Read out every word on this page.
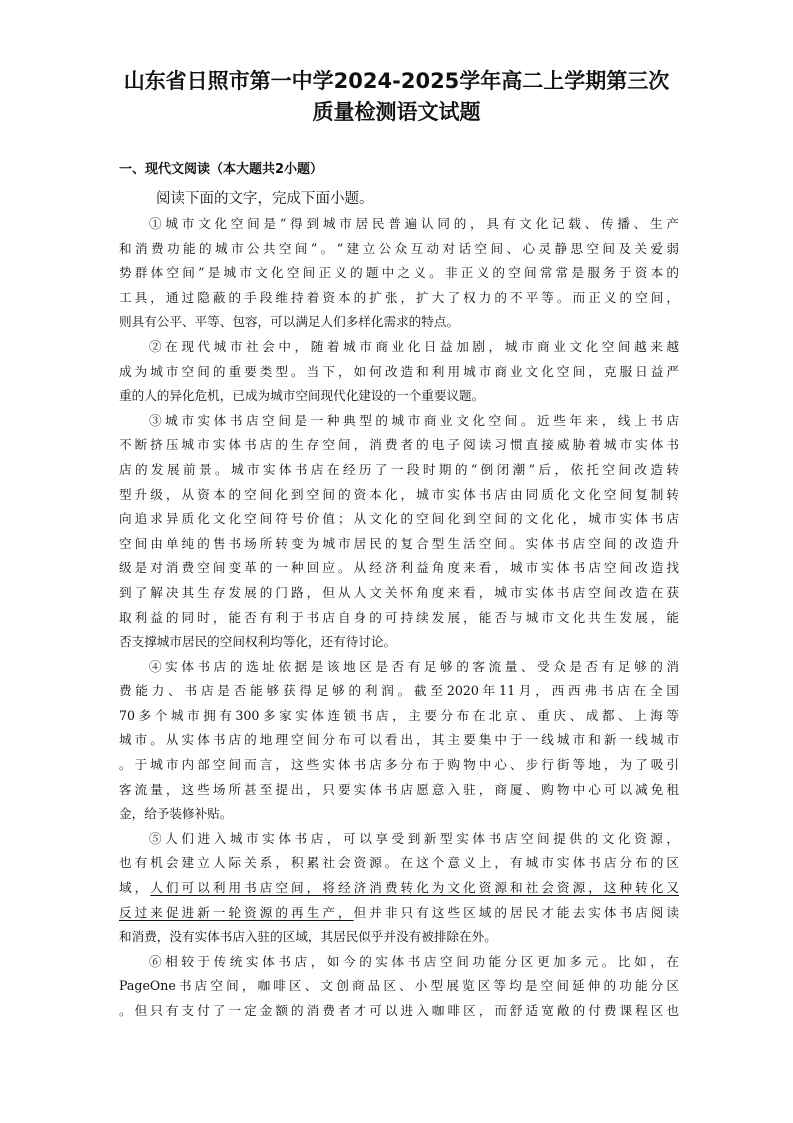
山东省日照市第一中学2024-2025学年高二上学期第三次
质量检测语文试题
一、现代文阅读（本大题共2小题）
阅读下面的文字，完成下面小题。
①城市文化空间是“得到城市居民普遍认同的，具有文化记载、传播、生产
和消费功能的城市公共空间”。“建立公众互动对话空间、心灵静思空间及关爱弱
势群体空间”是城市文化空间正义的题中之义。非正义的空间常常是服务于资本的
工具，通过隐蔽的手段维持着资本的扩张，扩大了权力的不平等。而正义的空间，
则具有公平、平等、包容，可以满足人们多样化需求的特点。
②在现代城市社会中，随着城市商业化日益加剧，城市商业文化空间越来越
成为城市空间的重要类型。当下，如何改造和利用城市商业文化空间，克服日益严
重的人的异化危机，已成为城市空间现代化建设的一个重要议题。
③城市实体书店空间是一种典型的城市商业文化空间。近些年来，线上书店
不断挤压城市实体书店的生存空间，消费者的电子阅读习惯直接威胁着城市实体书
店的发展前景。城市实体书店在经历了一段时期的“倒闭潮”后，依托空间改造转
型升级，从资本的空间化到空间的资本化，城市实体书店由同质化文化空间复制转
向追求异质化文化空间符号价值；从文化的空间化到空间的文化化，城市实体书店
空间由单纯的售书场所转变为城市居民的复合型生活空间。实体书店空间的改造升
级是对消费空间变革的一种回应。从经济利益角度来看，城市实体书店空间改造找
到了解决其生存发展的门路，但从人文关怀角度来看，城市实体书店空间改造在获
取利益的同时，能否有利于书店自身的可持续发展，能否与城市文化共生发展，能
否支撑城市居民的空间权利均等化，还有待讨论。
④实体书店的选址依据是该地区是否有足够的客流量、受众是否有足够的消
费能力、书店是否能够获得足够的利润。截至2020年11月，西西弗书店在全国
70多个城市拥有300多家实体连锁书店，主要分布在北京、重庆、成都、上海等
城市。从实体书店的地理空间分布可以看出，其主要集中于一线城市和新一线城市
。于城市内部空间而言，这些实体书店多分布于购物中心、步行街等地，为了吸引
客流量，这些场所甚至提出，只要实体书店愿意入驻，商厦、购物中心可以减免租
金，给予装修补贴。
⑤人们进入城市实体书店，可以享受到新型实体书店空间提供的文化资源，
也有机会建立人际关系，积累社会资源。在这个意义上，有城市实体书店分布的区
域，人们可以利用书店空间，将经济消费转化为文化资源和社会资源，这种转化又
反过来促进新一轮资源的再生产，但并非只有这些区域的居民才能去实体书店阅读
和消费，没有实体书店入驻的区域，其居民似乎并没有被排除在外。
⑥相较于传统实体书店，如今的实体书店空间功能分区更加多元。比如，在
PageOne书店空间，咖啡区、文创商品区、小型展览区等均是空间延伸的功能分区
。但只有支付了一定金额的消费者才可以进入咖啡区，而舒适宽敞的付费课程区也
